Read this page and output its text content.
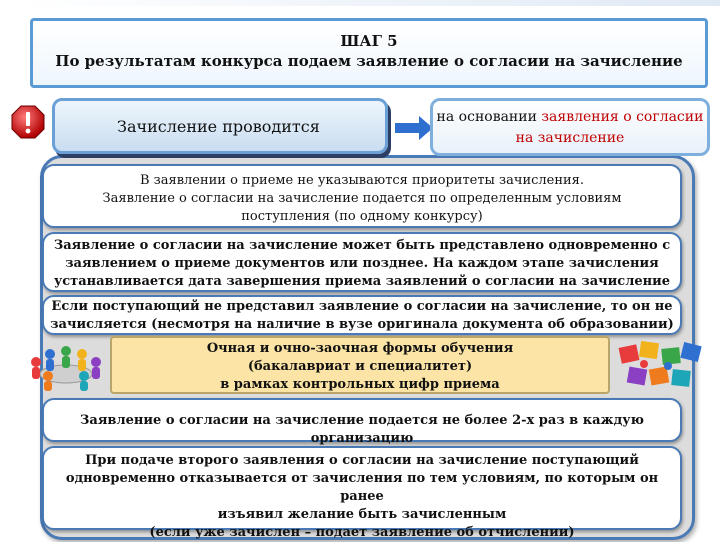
ШАГ 5
По результатам конкурса подаем заявление о согласии на зачисление
Зачисление проводится	на основании заявления о согласии на зачисление
В заявлении о приеме не указываются приоритеты зачисления.
Заявление о согласии на зачисление подается по определенным условиям
поступления (по одному конкурсу)
Заявление о согласии на зачисление может быть представлено одновременно с
заявлением о приеме документов или позднее. На каждом этапе зачисления
устанавливается дата завершения приема заявлений о согласии на зачисление
Если поступающий не представил заявление о согласии на зачисление, то он не
зачисляется (несмотря на наличие в вузе оригинала документа об образовании)
Очная и очно-заочная формы обучения
(бакалавриат и специалитет)
в рамках контрольных цифр приема
Заявление о согласии на зачисление подается не более 2-х раз в каждую организацию
При подаче второго заявления о согласии на зачисление поступающий
одновременно отказывается от зачисления по тем условиям, по которым он ранее
изъявил желание быть зачисленным
(если уже зачислен – подает заявление об отчислении)
